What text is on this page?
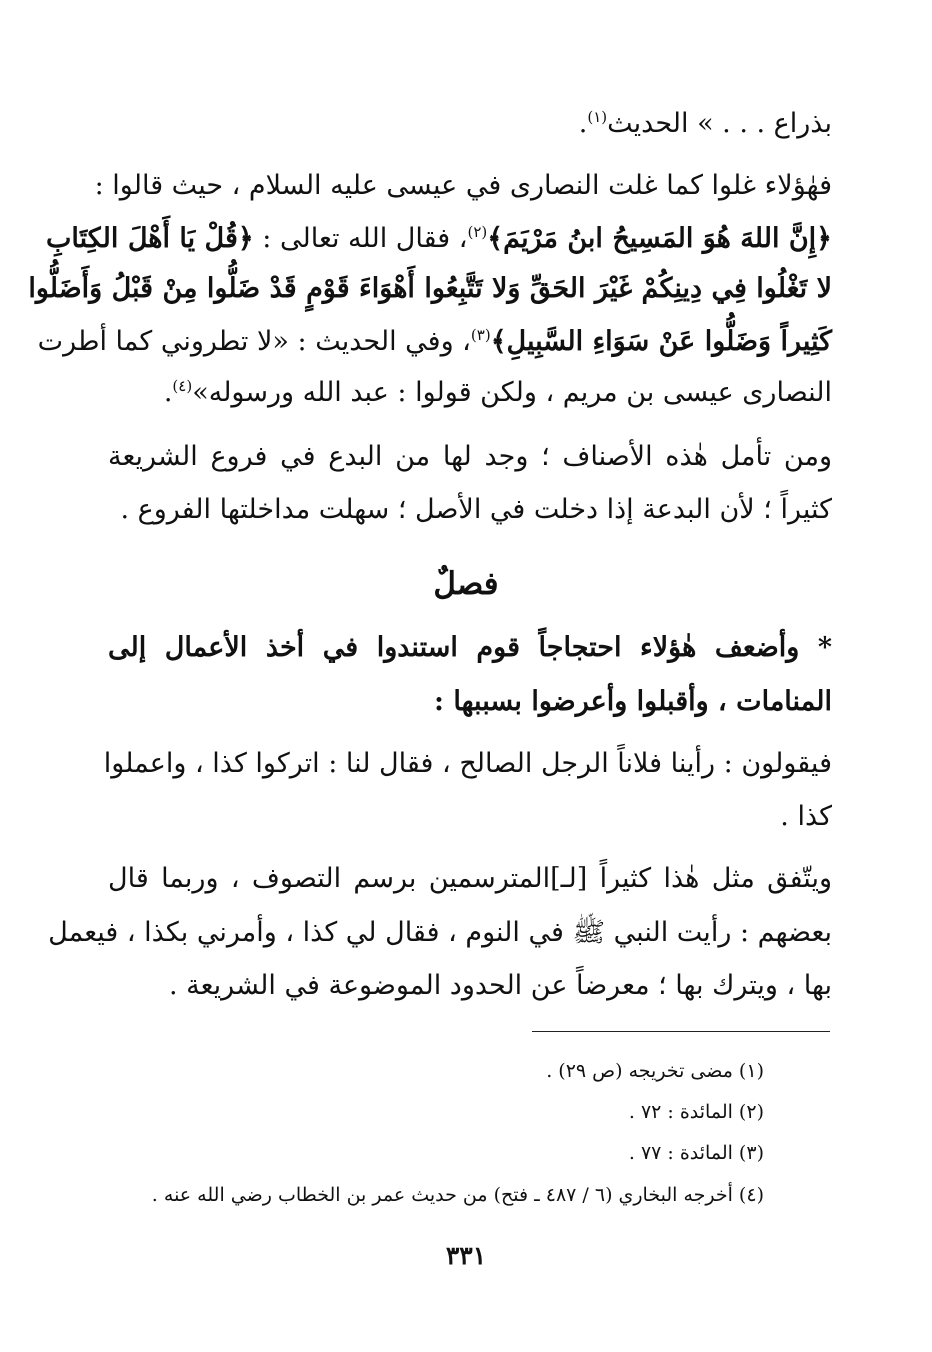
بذراع . . . » الحديث$^{(١)}$.
فهٰؤلاء غلوا كما غلت النصارى في عيسى عليه السلام ، حيث قالوا :
﴿إِنَّ اللهَ هُوَ المَسِيحُ ابنُ مَرْيَمَ﴾$^{(٢)}$، فقال الله تعالى : ﴿قُلْ يَا أَهْلَ الكِتَابِ
لا تَغْلُوا فِي دِينِكُمْ غَيْرَ الحَقِّ وَلا تَتَّبِعُوا أَهْوَاءَ قَوْمٍ قَدْ ضَلُّوا مِنْ قَبْلُ وَأَضَلُّوا
كَثِيراً وَضَلُّوا عَنْ سَوَاءِ السَّبِيلِ﴾$^{(٣)}$، وفي الحديث : «لا تطروني كما أطرت
النصارى عيسى بن مريم ، ولكن قولوا : عبد الله ورسوله»$^{(٤)}$.
ومن تأمل هٰذه الأصناف ؛ وجد لها من البدع في فروع الشريعة
كثيراً ؛ لأن البدعة إذا دخلت في الأصل ؛ سهلت مداخلتها الفروع .
فصلٌ
* وأضعف هٰؤلاء احتجاجاً قوم استندوا في أخذ الأعمال إلى
المنامات ، وأقبلوا وأعرضوا بسببها :
فيقولون : رأينا فلاناً الرجل الصالح ، فقال لنا : اتركوا كذا ، واعملوا
كذا .
ويتّفق مثل هٰذا كثيراً [لـ]المترسمين برسم التصوف ، وربما قال
بعضهم : رأيت النبي ﷺ في النوم ، فقال لي كذا ، وأمرني بكذا ، فيعمل
بها ، ويترك بها ؛ معرضاً عن الحدود الموضوعة في الشريعة .
(١) مضى تخريجه (ص ٢٩) .
(٢) المائدة : ٧٢ .
(٣) المائدة : ٧٧ .
(٤) أخرجه البخاري (٦ / ٤٨٧ ـ فتح) من حديث عمر بن الخطاب رضي الله عنه .
٣٣١
